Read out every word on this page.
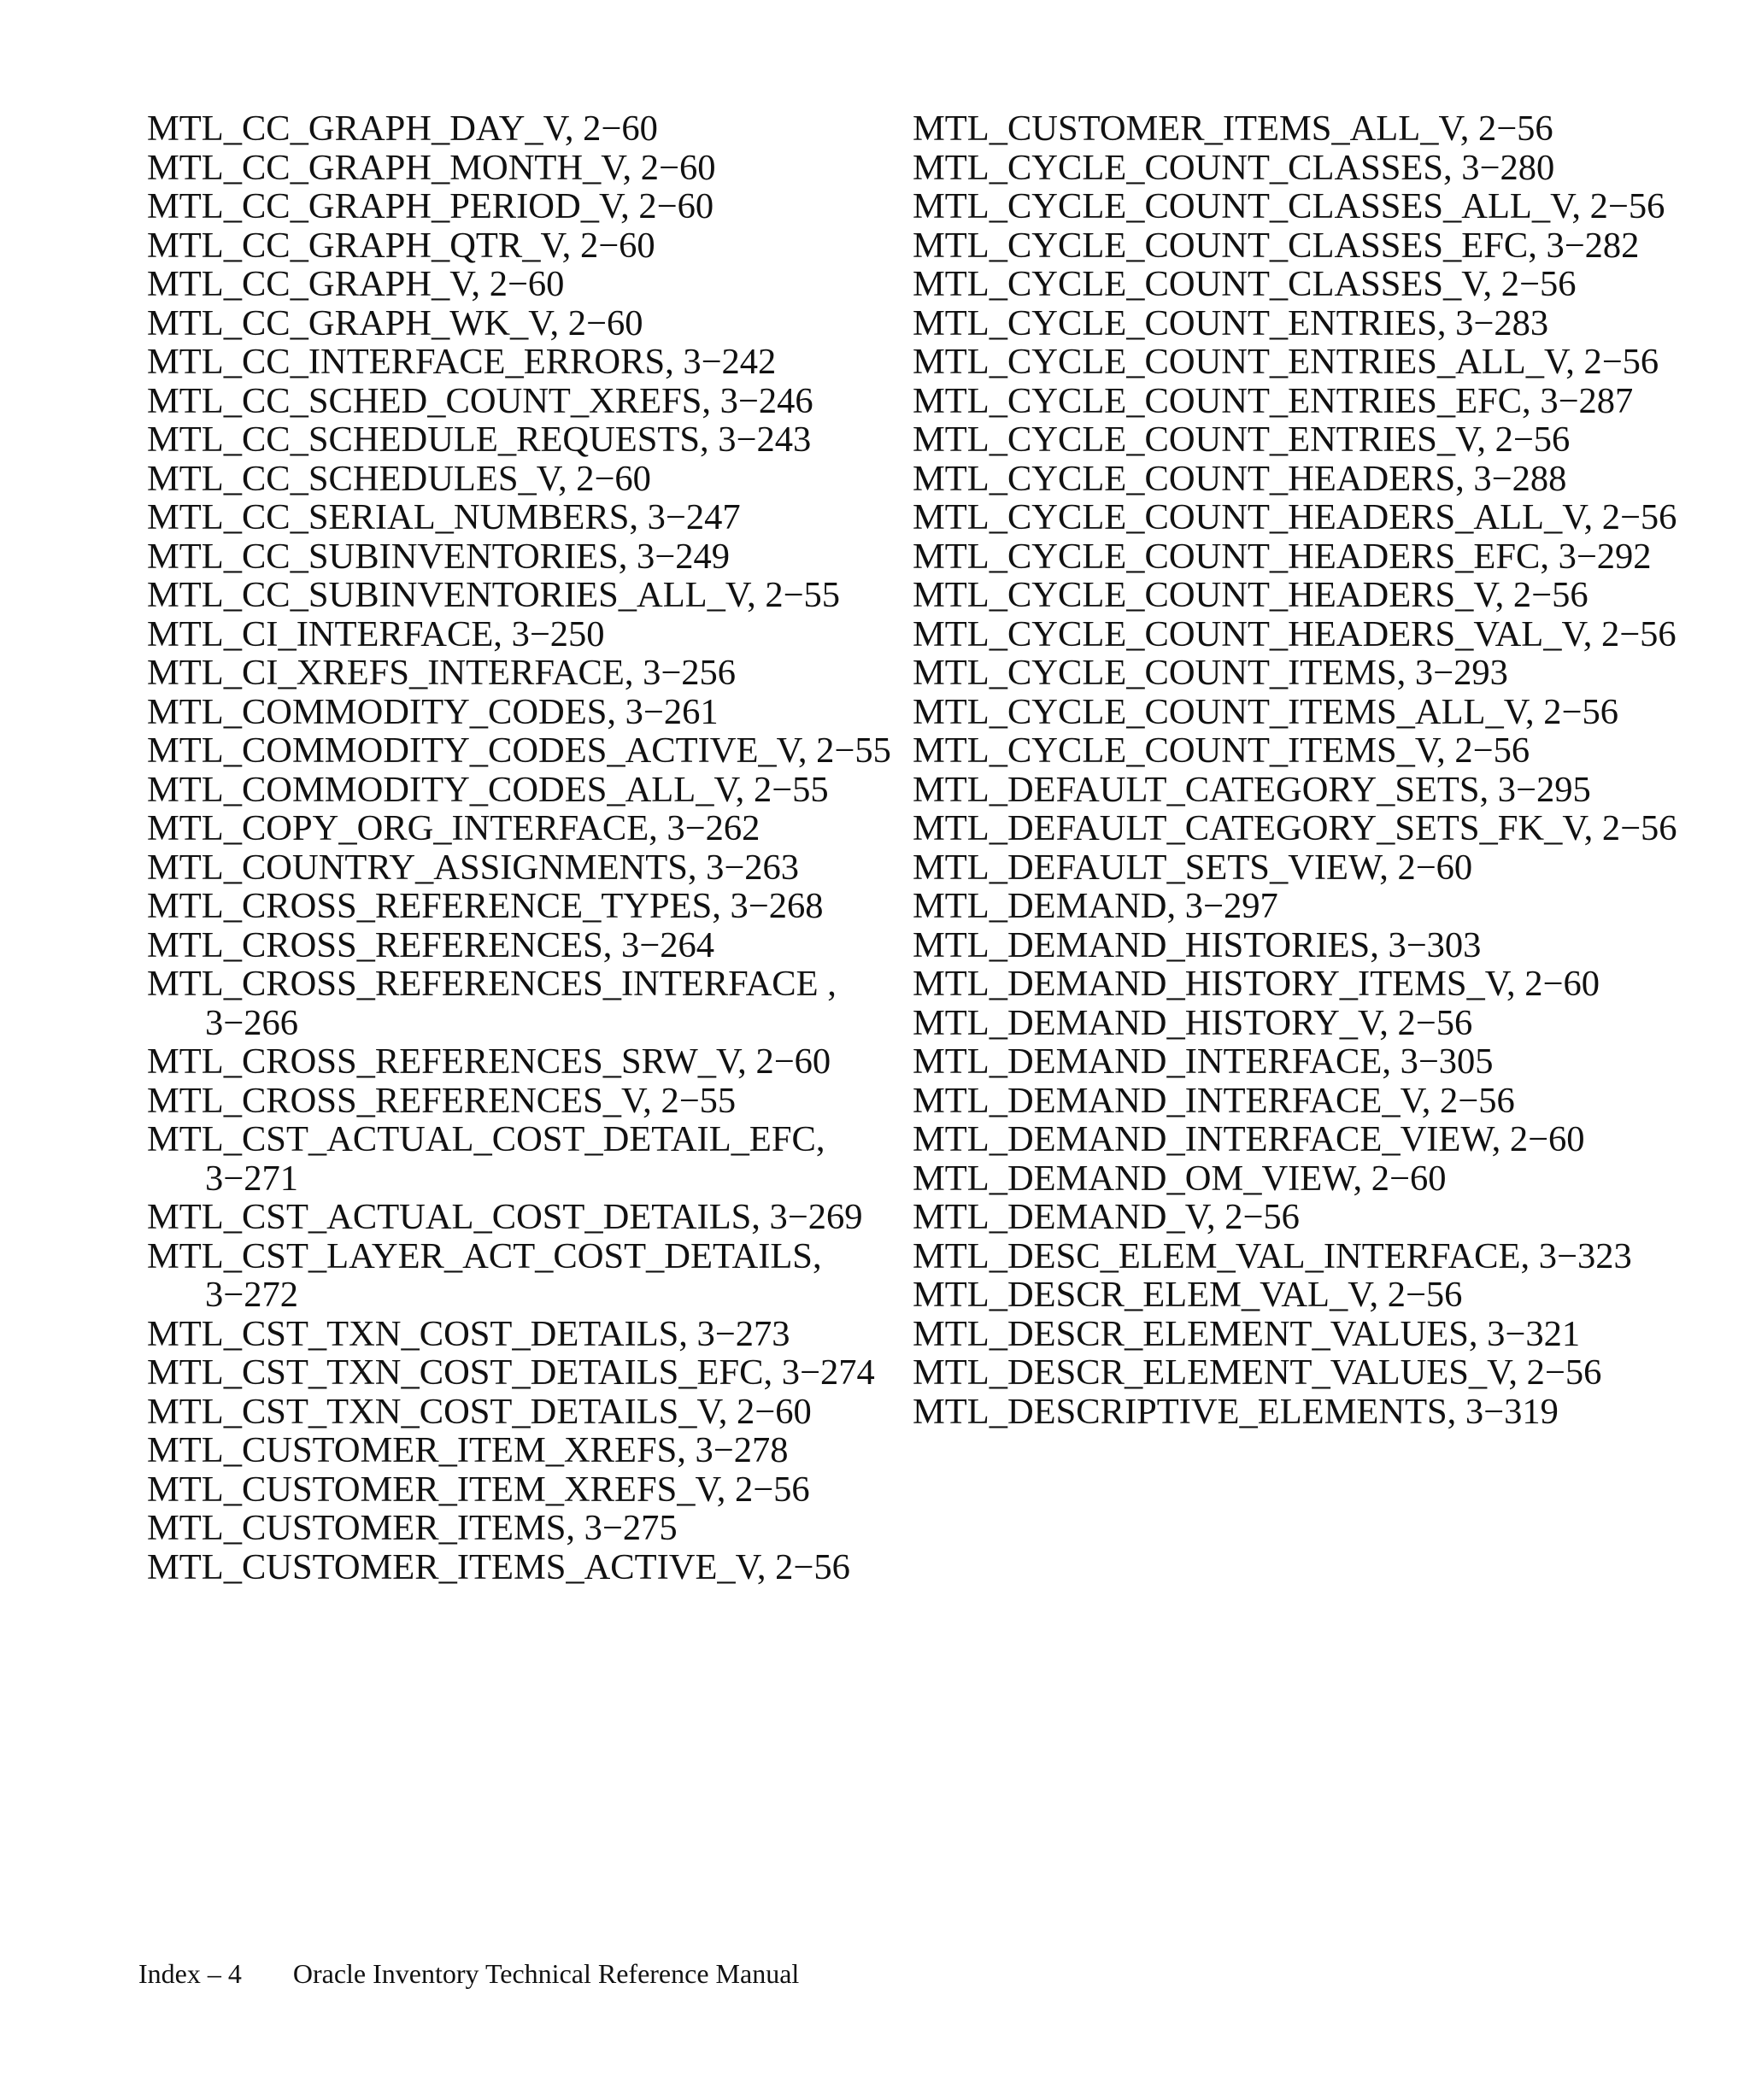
MTL_CC_GRAPH_DAY_V, 2−60
MTL_CC_GRAPH_MONTH_V, 2−60
MTL_CC_GRAPH_PERIOD_V, 2−60
MTL_CC_GRAPH_QTR_V, 2−60
MTL_CC_GRAPH_V, 2−60
MTL_CC_GRAPH_WK_V, 2−60
MTL_CC_INTERFACE_ERRORS, 3−242
MTL_CC_SCHED_COUNT_XREFS, 3−246
MTL_CC_SCHEDULE_REQUESTS, 3−243
MTL_CC_SCHEDULES_V, 2−60
MTL_CC_SERIAL_NUMBERS, 3−247
MTL_CC_SUBINVENTORIES, 3−249
MTL_CC_SUBINVENTORIES_ALL_V, 2−55
MTL_CI_INTERFACE, 3−250
MTL_CI_XREFS_INTERFACE, 3−256
MTL_COMMODITY_CODES, 3−261
MTL_COMMODITY_CODES_ACTIVE_V, 2−55
MTL_COMMODITY_CODES_ALL_V, 2−55
MTL_COPY_ORG_INTERFACE, 3−262
MTL_COUNTRY_ASSIGNMENTS, 3−263
MTL_CROSS_REFERENCE_TYPES, 3−268
MTL_CROSS_REFERENCES, 3−264
MTL_CROSS_REFERENCES_INTERFACE , 3−266
MTL_CROSS_REFERENCES_SRW_V, 2−60
MTL_CROSS_REFERENCES_V, 2−55
MTL_CST_ACTUAL_COST_DETAIL_EFC, 3−271
MTL_CST_ACTUAL_COST_DETAILS, 3−269
MTL_CST_LAYER_ACT_COST_DETAILS, 3−272
MTL_CST_TXN_COST_DETAILS, 3−273
MTL_CST_TXN_COST_DETAILS_EFC, 3−274
MTL_CST_TXN_COST_DETAILS_V, 2−60
MTL_CUSTOMER_ITEM_XREFS, 3−278
MTL_CUSTOMER_ITEM_XREFS_V, 2−56
MTL_CUSTOMER_ITEMS, 3−275
MTL_CUSTOMER_ITEMS_ACTIVE_V, 2−56
MTL_CUSTOMER_ITEMS_ALL_V, 2−56
MTL_CYCLE_COUNT_CLASSES, 3−280
MTL_CYCLE_COUNT_CLASSES_ALL_V, 2−56
MTL_CYCLE_COUNT_CLASSES_EFC, 3−282
MTL_CYCLE_COUNT_CLASSES_V, 2−56
MTL_CYCLE_COUNT_ENTRIES, 3−283
MTL_CYCLE_COUNT_ENTRIES_ALL_V, 2−56
MTL_CYCLE_COUNT_ENTRIES_EFC, 3−287
MTL_CYCLE_COUNT_ENTRIES_V, 2−56
MTL_CYCLE_COUNT_HEADERS, 3−288
MTL_CYCLE_COUNT_HEADERS_ALL_V, 2−56
MTL_CYCLE_COUNT_HEADERS_EFC, 3−292
MTL_CYCLE_COUNT_HEADERS_V, 2−56
MTL_CYCLE_COUNT_HEADERS_VAL_V, 2−56
MTL_CYCLE_COUNT_ITEMS, 3−293
MTL_CYCLE_COUNT_ITEMS_ALL_V, 2−56
MTL_CYCLE_COUNT_ITEMS_V, 2−56
MTL_DEFAULT_CATEGORY_SETS, 3−295
MTL_DEFAULT_CATEGORY_SETS_FK_V, 2−56
MTL_DEFAULT_SETS_VIEW, 2−60
MTL_DEMAND, 3−297
MTL_DEMAND_HISTORIES, 3−303
MTL_DEMAND_HISTORY_ITEMS_V, 2−60
MTL_DEMAND_HISTORY_V, 2−56
MTL_DEMAND_INTERFACE, 3−305
MTL_DEMAND_INTERFACE_V, 2−56
MTL_DEMAND_INTERFACE_VIEW, 2−60
MTL_DEMAND_OM_VIEW, 2−60
MTL_DEMAND_V, 2−56
MTL_DESC_ELEM_VAL_INTERFACE, 3−323
MTL_DESCR_ELEM_VAL_V, 2−56
MTL_DESCR_ELEMENT_VALUES, 3−321
MTL_DESCR_ELEMENT_VALUES_V, 2−56
MTL_DESCRIPTIVE_ELEMENTS, 3−319
Index – 4 Oracle Inventory Technical Reference Manual
